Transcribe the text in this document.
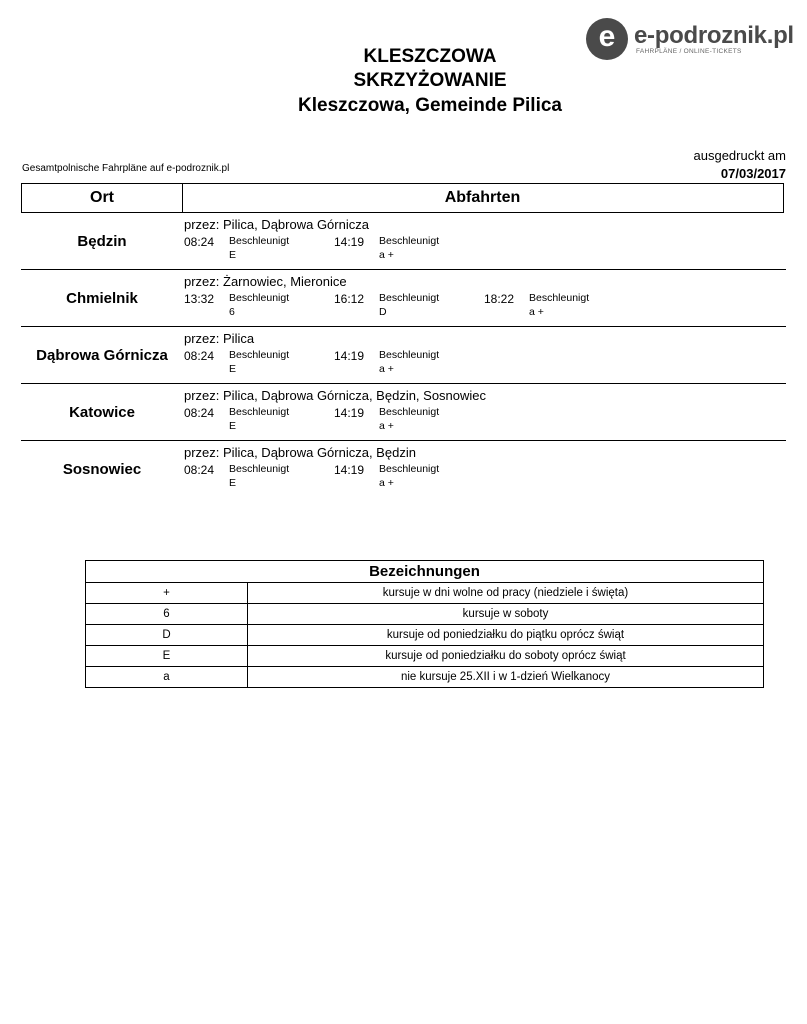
KLESZCZOWA
SKRZYŻOWANIE
Kleszczowa, Gemeinde Pilica
e e-podroznik.pl
FAHRPLÄNE / ONLINE-TICKETS
Gesamtpolnische Fahrpläne auf e-podroznik.pl
ausgedruckt am
07/03/2017
Ort	Abfahrten
Będzin
przez: Pilica, Dąbrowa Górnicza
08:24 Beschleunigt
E
14:19 Beschleunigt
a +
Chmielnik
przez: Żarnowiec, Mieronice
13:32 Beschleunigt
6
16:12 Beschleunigt
D
18:22 Beschleunigt
a +
Dąbrowa Górnicza
przez: Pilica
08:24 Beschleunigt
E
14:19 Beschleunigt
a +
Katowice
przez: Pilica, Dąbrowa Górnicza, Będzin, Sosnowiec
08:24 Beschleunigt
E
14:19 Beschleunigt
a +
Sosnowiec
przez: Pilica, Dąbrowa Górnicza, Będzin
08:24 Beschleunigt
E
14:19 Beschleunigt
a +
Bezeichnungen	
+	kursuje w dni wolne od pracy (niedziele i święta)
6	kursuje w soboty
D	kursuje od poniedziałku do piątku oprócz świąt
E	kursuje od poniedziałku do soboty oprócz świąt
a	nie kursuje 25.XII i w 1-dzień Wielkanocy
